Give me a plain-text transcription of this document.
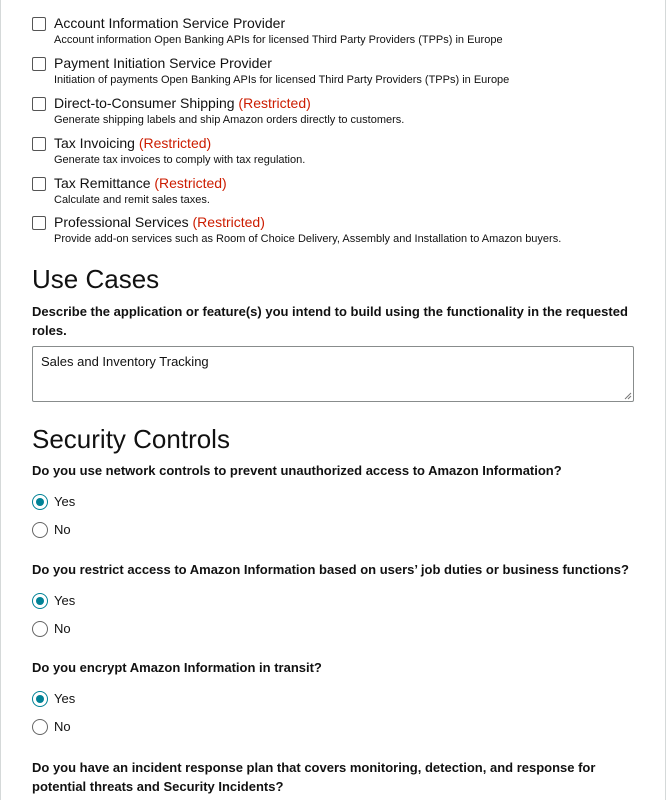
Account Information Service Provider
Account information Open Banking APIs for licensed Third Party Providers (TPPs) in Europe
Payment Initiation Service Provider
Initiation of payments Open Banking APIs for licensed Third Party Providers (TPPs) in Europe
Direct-to-Consumer Shipping (Restricted)
Generate shipping labels and ship Amazon orders directly to customers.
Tax Invoicing (Restricted)
Generate tax invoices to comply with tax regulation.
Tax Remittance (Restricted)
Calculate and remit sales taxes.
Professional Services (Restricted)
Provide add-on services such as Room of Choice Delivery, Assembly and Installation to Amazon buyers.
Use Cases
Describe the application or feature(s) you intend to build using the functionality in the requested roles.
Sales and Inventory Tracking
Security Controls
Do you use network controls to prevent unauthorized access to Amazon Information?
Yes
No
Do you restrict access to Amazon Information based on users’ job duties or business functions?
Yes
No
Do you encrypt Amazon Information in transit?
Yes
No
Do you have an incident response plan that covers monitoring, detection, and response for potential threats and Security Incidents?
